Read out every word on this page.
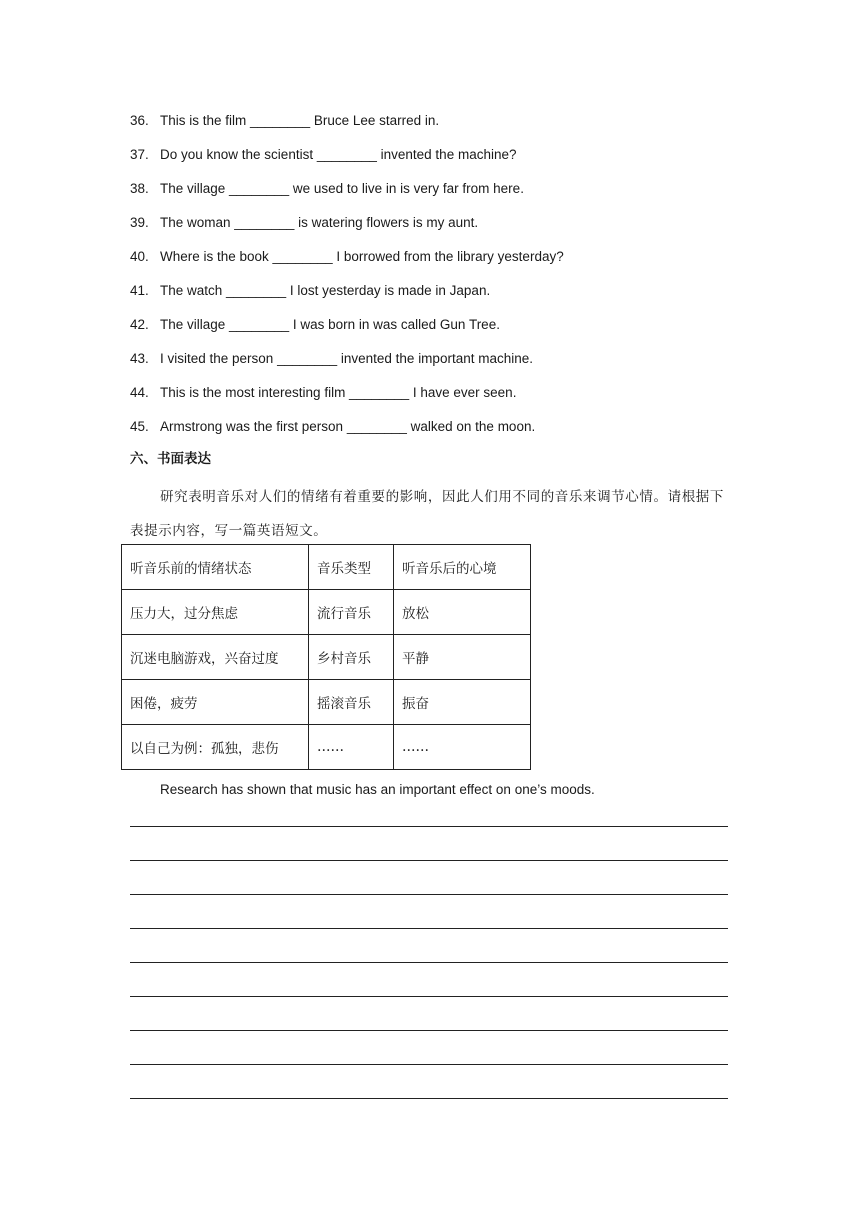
36. This is the film ________ Bruce Lee starred in.
37. Do you know the scientist ________ invented the machine?
38. The village ________ we used to live in is very far from here.
39. The woman ________ is watering flowers is my aunt.
40. Where is the book ________ I borrowed from the library yesterday?
41. The watch ________ I lost yesterday is made in Japan.
42. The village ________ I was born in was called Gun Tree.
43. I visited the person ________ invented the important machine.
44. This is the most interesting film ________ I have ever seen.
45. Armstrong was the first person ________ walked on the moon.
六、书面表达
研究表明音乐对人们的情绪有着重要的影响，因此人们用不同的音乐来调节心情。请根据下表提示内容，写一篇英语短文。
听音乐前的情绪状态	音乐类型	听音乐后的心境
压力大，过分焦虑	流行音乐	放松
沉迷电脑游戏，兴奋过度	乡村音乐	平静
困倦，疲劳	摇滚音乐	振奋
以自己为例：孤独，悲伤	……	……
Research has shown that music has an important effect on one’s moods.
